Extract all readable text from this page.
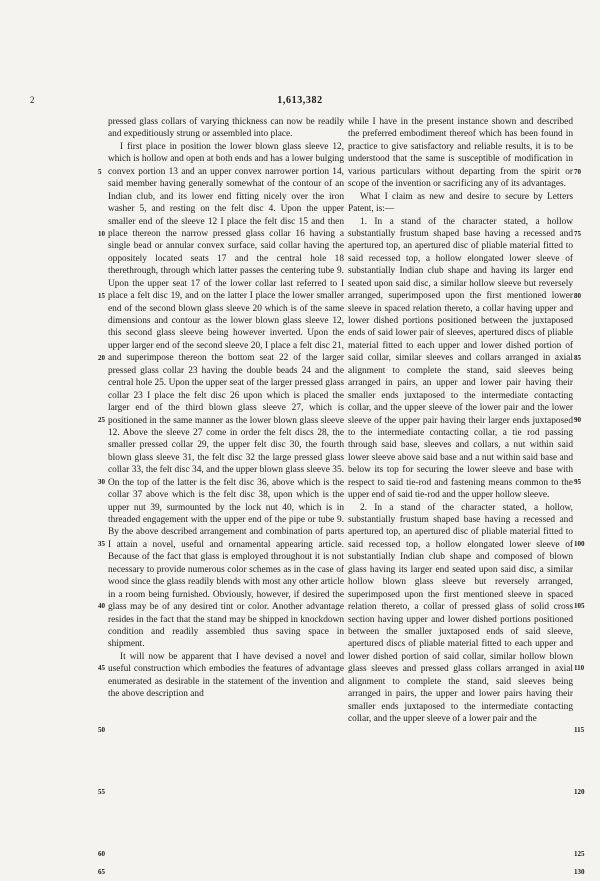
2	1,613,382

pressed glass collars of varying thickness can now be readily and expeditiously strung or assembled into place.

I first place in position the lower blown glass sleeve 12, which is hollow and open at both ends and has a lower bulging convex portion 13 and an upper convex narrower portion 14, said member having generally somewhat of the contour of an Indian club, and its lower end fitting nicely over the iron washer 5, and resting on the felt disc 4. Upon the upper smaller end of the sleeve 12 I place the felt disc 15 and then place thereon the narrow pressed glass collar 16 having a single bead or annular convex surface, said collar having the oppositely located seats 17 and the central hole 18 therethrough, through which latter passes the centering tube 9. Upon the upper seat 17 of the lower collar last referred to I place a felt disc 19, and on the latter I place the lower smaller end of the second blown glass sleeve 20 which is of the same dimensions and contour as the lower blown glass sleeve 12, this second glass sleeve being however inverted. Upon the upper larger end of the second sleeve 20, I place a felt disc 21, and superimpose thereon the bottom seat 22 of the larger pressed glass collar 23 having the double beads 24 and the central hole 25. Upon the upper seat of the larger pressed glass collar 23 I place the felt disc 26 upon which is placed the larger end of the third blown glass sleeve 27, which is positioned in the same manner as the lower blown glass sleeve 12. Above the sleeve 27 come in order the felt discs 28, the smaller pressed collar 29, the upper felt disc 30, the fourth blown glass sleeve 31, the felt disc 32 the large pressed glass collar 33, the felt disc 34, and the upper blown glass sleeve 35. On the top of the latter is the felt disc 36, above which is the collar 37 above which is the felt disc 38, upon which is the upper nut 39, surmounted by the lock nut 40, which is in threaded engagement with the upper end of the pipe or tube 9. By the above described arrangement and combination of parts I attain a novel, useful and ornamental appearing article. Because of the fact that glass is employed throughout it is not necessary to provide numerous color schemes as in the case of wood since the glass readily blends with most any other article in a room being furnished. Obviously, however, if desired the glass may be of any desired tint or color. Another advantage resides in the fact that the stand may be shipped in knockdown condition and readily assembled thus saving space in shipment.

It will now be apparent that I have devised a novel and useful construction which embodies the features of advantage enumerated as desirable in the statement of the invention and the above description and

while I have in the present instance shown and described the preferred embodiment thereof which has been found in practice to give satisfactory and reliable results, it is to be understood that the same is susceptible of modification in various particulars without departing from the spirit or scope of the invention or sacrificing any of its advantages.

What I claim as new and desire to secure by Letters Patent, is:—

1. In a stand of the character stated, a hollow substantially frustum shaped base having a recessed and apertured top, an apertured disc of pliable material fitted to said recessed top, a hollow elongated lower sleeve of substantially Indian club shape and having its larger end seated upon said disc, a similar hollow sleeve but reversely arranged, superimposed upon the first mentioned lower sleeve in spaced relation thereto, a collar having upper and lower dished portions positioned between the juxtaposed ends of said lower pair of sleeves, apertured discs of pliable material fitted to each upper and lower dished portion of said collar, similar sleeves and collars arranged in axial alignment to complete the stand, said sleeves being arranged in pairs, an upper and lower pair having their smaller ends juxtaposed to the intermediate contacting collar, and the upper sleeve of the lower pair and the lower sleeve of the upper pair having their larger ends juxtaposed to the intermediate contacting collar, a tie rod passing through said base, sleeves and collars, a nut within said lower sleeve above said base and a nut within said base and below its top for securing the lower sleeve and base with respect to said tie-rod and fastening means common to the upper end of said tie-rod and the upper hollow sleeve.

2. In a stand of the character stated, a hollow, substantially frustum shaped base having a recessed and apertured top, an apertured disc of pliable material fitted to said recessed top, a hollow elongated lower sleeve of substantially Indian club shape and composed of blown glass having its larger end seated upon said disc, a similar hollow blown glass sleeve but reversely arranged, superimposed upon the first mentioned sleeve in spaced relation thereto, a collar of pressed glass of solid cross section having upper and lower dished portions positioned between the smaller juxtaposed ends of said sleeve, apertured discs of pliable material fitted to each upper and lower dished portion of said collar, similar hollow blown glass sleeves and pressed glass collars arranged in axial alignment to complete the stand, said sleeves being arranged in pairs, the upper and lower pairs having their smaller ends juxtaposed to the intermediate contacting collar, and the upper sleeve of a lower pair and the

5
10
15
20
25
30
35
40
45
50
55
60
65
70
75
80
85
90
95
100
105
110
115
120
125
130
